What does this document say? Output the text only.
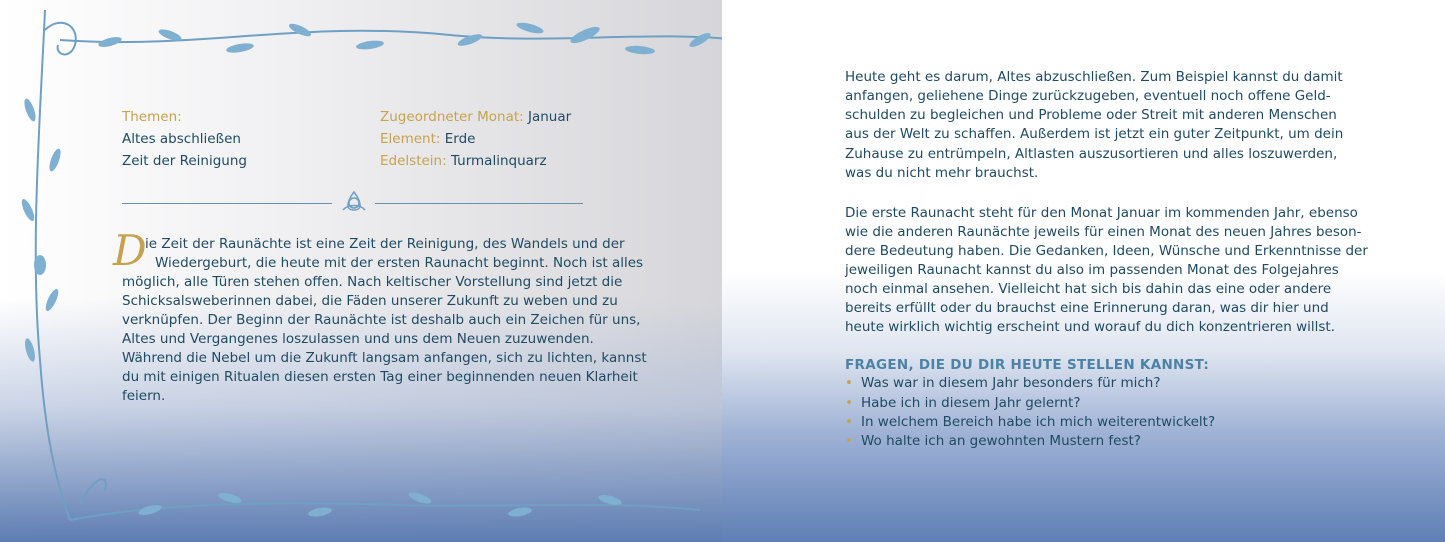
Themen:
Altes abschließen
Zeit der Reinigung
Zugeordneter Monat: Januar
Element: Erde
Edelstein: Turmalinquarz
D
ie Zeit der Raunächte ist eine Zeit der Reinigung, des Wandels und der
Wiedergeburt, die heute mit der ersten Raunacht beginnt. Noch ist alles
möglich, alle Türen stehen offen. Nach keltischer Vorstellung sind jetzt die
Schicksalsweberinnen dabei, die Fäden unserer Zukunft zu weben und zu
verknüpfen. Der Beginn der Raunächte ist deshalb auch ein Zeichen für uns,
Altes und Vergangenes loszulassen und uns dem Neuen zuzuwenden.
Während die Nebel um die Zukunft langsam anfangen, sich zu lichten, kannst
du mit einigen Ritualen diesen ersten Tag einer beginnenden neuen Klarheit
feiern.
Heute geht es darum, Altes abzuschließen. Zum Beispiel kannst du damit
anfangen, geliehene Dinge zurückzugeben, eventuell noch offene Geld-
schulden zu begleichen und Probleme oder Streit mit anderen Menschen
aus der Welt zu schaffen. Außerdem ist jetzt ein guter Zeitpunkt, um dein
Zuhause zu entrümpeln, Altlasten auszusortieren und alles loszuwerden,
was du nicht mehr brauchst.
Die erste Raunacht steht für den Monat Januar im kommenden Jahr, ebenso
wie die anderen Raunächte jeweils für einen Monat des neuen Jahres beson-
dere Bedeutung haben. Die Gedanken, Ideen, Wünsche und Erkenntnisse der
jeweiligen Raunacht kannst du also im passenden Monat des Folgejahres
noch einmal ansehen. Vielleicht hat sich bis dahin das eine oder andere
bereits erfüllt oder du brauchst eine Erinnerung daran, was dir hier und
heute wirklich wichtig erscheint und worauf du dich konzentrieren willst.
FRAGEN, DIE DU DIR HEUTE STELLEN KANNST:
• Was war in diesem Jahr besonders für mich?
• Habe ich in diesem Jahr gelernt?
• In welchem Bereich habe ich mich weiterentwickelt?
• Wo halte ich an gewohnten Mustern fest?
